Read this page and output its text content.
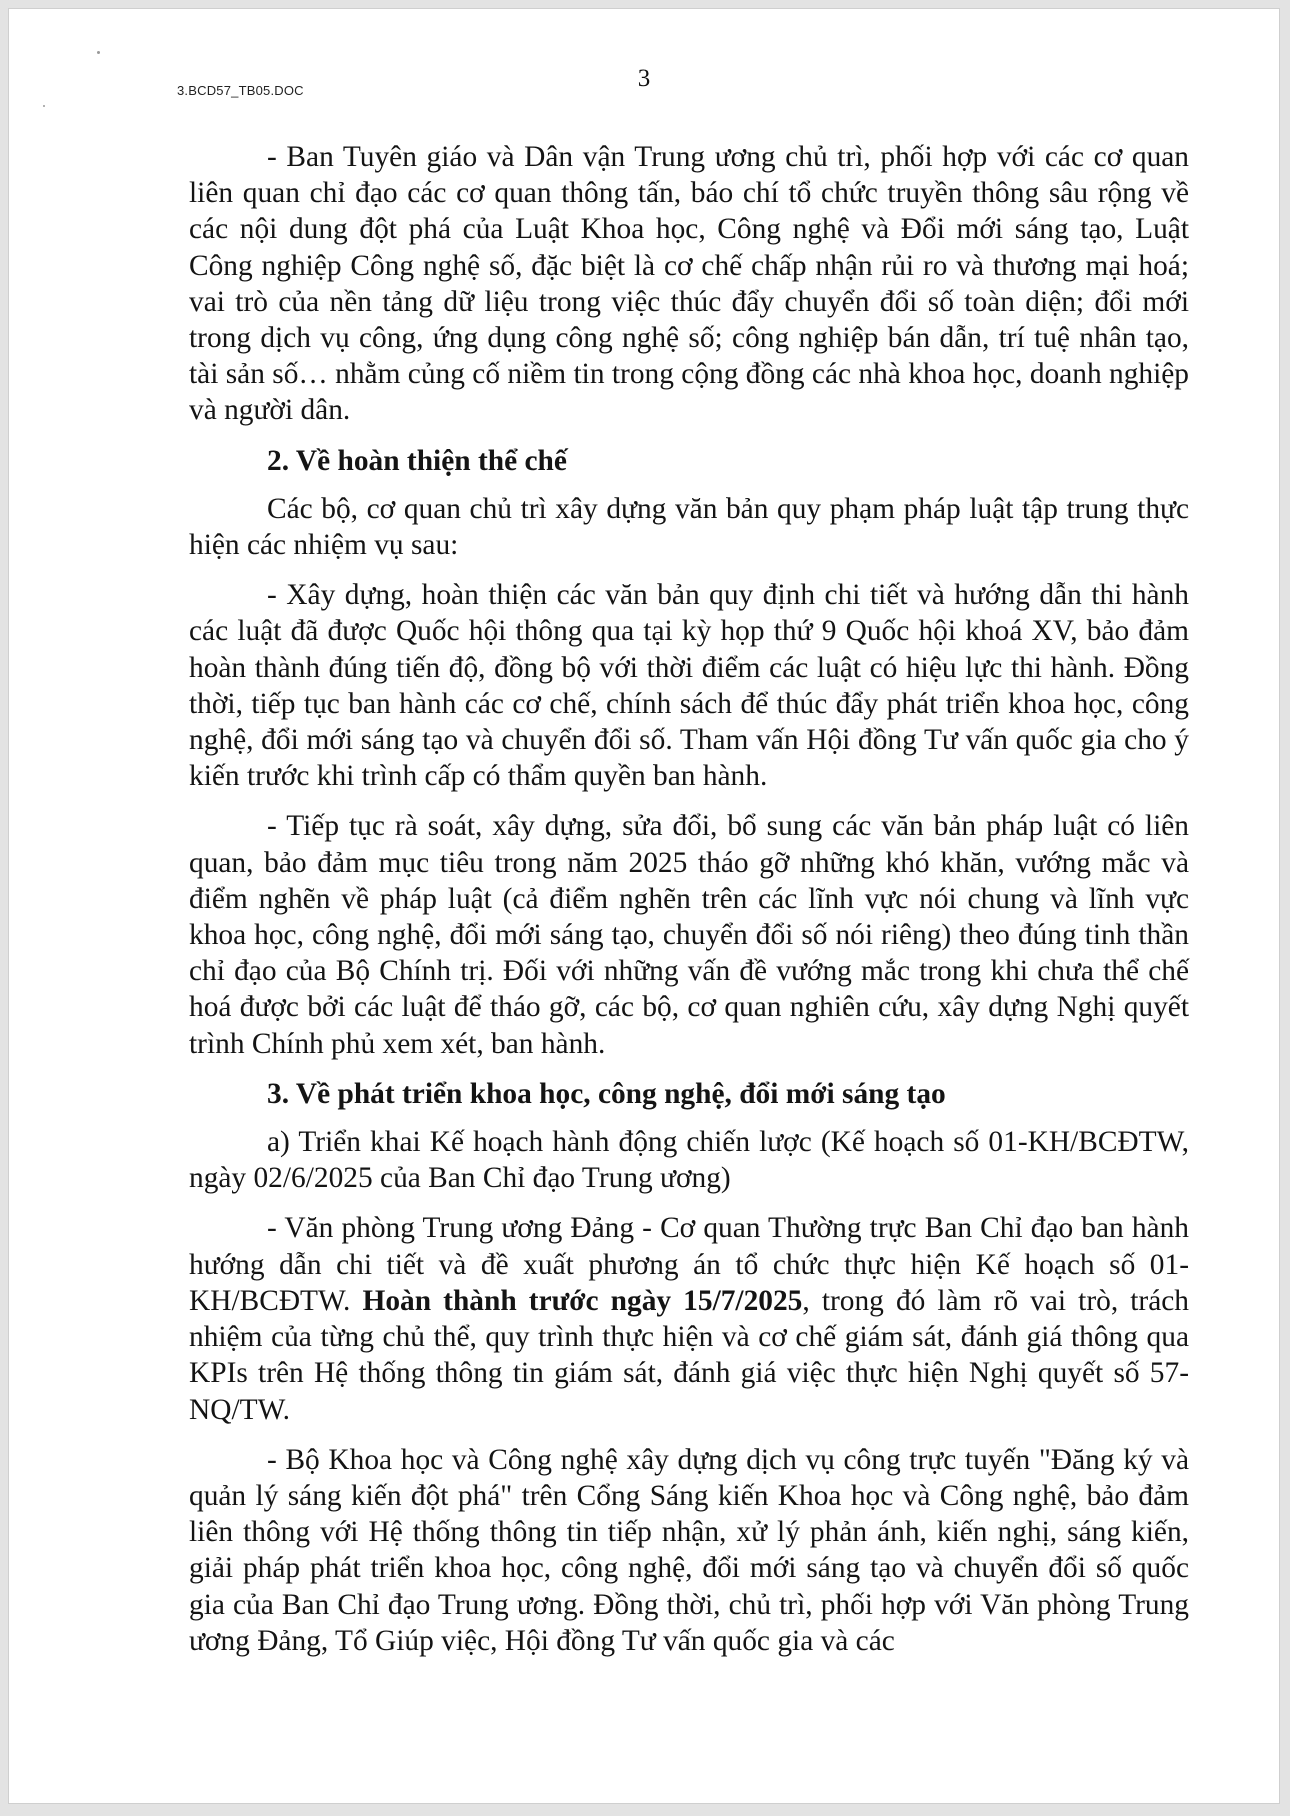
3.BCD57_TB05.DOC	3

- Ban Tuyên giáo và Dân vận Trung ương chủ trì, phối hợp với các cơ quan liên quan chỉ đạo các cơ quan thông tấn, báo chí tổ chức truyền thông sâu rộng về các nội dung đột phá của Luật Khoa học, Công nghệ và Đổi mới sáng tạo, Luật Công nghiệp Công nghệ số, đặc biệt là cơ chế chấp nhận rủi ro và thương mại hoá; vai trò của nền tảng dữ liệu trong việc thúc đẩy chuyển đổi số toàn diện; đổi mới trong dịch vụ công, ứng dụng công nghệ số; công nghiệp bán dẫn, trí tuệ nhân tạo, tài sản số… nhằm củng cố niềm tin trong cộng đồng các nhà khoa học, doanh nghiệp và người dân.

2. Về hoàn thiện thể chế

Các bộ, cơ quan chủ trì xây dựng văn bản quy phạm pháp luật tập trung thực hiện các nhiệm vụ sau:

- Xây dựng, hoàn thiện các văn bản quy định chi tiết và hướng dẫn thi hành các luật đã được Quốc hội thông qua tại kỳ họp thứ 9 Quốc hội khoá XV, bảo đảm hoàn thành đúng tiến độ, đồng bộ với thời điểm các luật có hiệu lực thi hành. Đồng thời, tiếp tục ban hành các cơ chế, chính sách để thúc đẩy phát triển khoa học, công nghệ, đổi mới sáng tạo và chuyển đổi số. Tham vấn Hội đồng Tư vấn quốc gia cho ý kiến trước khi trình cấp có thẩm quyền ban hành.

- Tiếp tục rà soát, xây dựng, sửa đổi, bổ sung các văn bản pháp luật có liên quan, bảo đảm mục tiêu trong năm 2025 tháo gỡ những khó khăn, vướng mắc và điểm nghẽn về pháp luật (cả điểm nghẽn trên các lĩnh vực nói chung và lĩnh vực khoa học, công nghệ, đổi mới sáng tạo, chuyển đổi số nói riêng) theo đúng tinh thần chỉ đạo của Bộ Chính trị. Đối với những vấn đề vướng mắc trong khi chưa thể chế hoá được bởi các luật để tháo gỡ, các bộ, cơ quan nghiên cứu, xây dựng Nghị quyết trình Chính phủ xem xét, ban hành.

3. Về phát triển khoa học, công nghệ, đổi mới sáng tạo

a) Triển khai Kế hoạch hành động chiến lược (Kế hoạch số 01-KH/BCĐTW, ngày 02/6/2025 của Ban Chỉ đạo Trung ương)

- Văn phòng Trung ương Đảng - Cơ quan Thường trực Ban Chỉ đạo ban hành hướng dẫn chi tiết và đề xuất phương án tổ chức thực hiện Kế hoạch số 01-KH/BCĐTW. Hoàn thành trước ngày 15/7/2025, trong đó làm rõ vai trò, trách nhiệm của từng chủ thể, quy trình thực hiện và cơ chế giám sát, đánh giá thông qua KPIs trên Hệ thống thông tin giám sát, đánh giá việc thực hiện Nghị quyết số 57-NQ/TW.

- Bộ Khoa học và Công nghệ xây dựng dịch vụ công trực tuyến "Đăng ký và quản lý sáng kiến đột phá" trên Cổng Sáng kiến Khoa học và Công nghệ, bảo đảm liên thông với Hệ thống thông tin tiếp nhận, xử lý phản ánh, kiến nghị, sáng kiến, giải pháp phát triển khoa học, công nghệ, đổi mới sáng tạo và chuyển đổi số quốc gia của Ban Chỉ đạo Trung ương. Đồng thời, chủ trì, phối hợp với Văn phòng Trung ương Đảng, Tổ Giúp việc, Hội đồng Tư vấn quốc gia và các
